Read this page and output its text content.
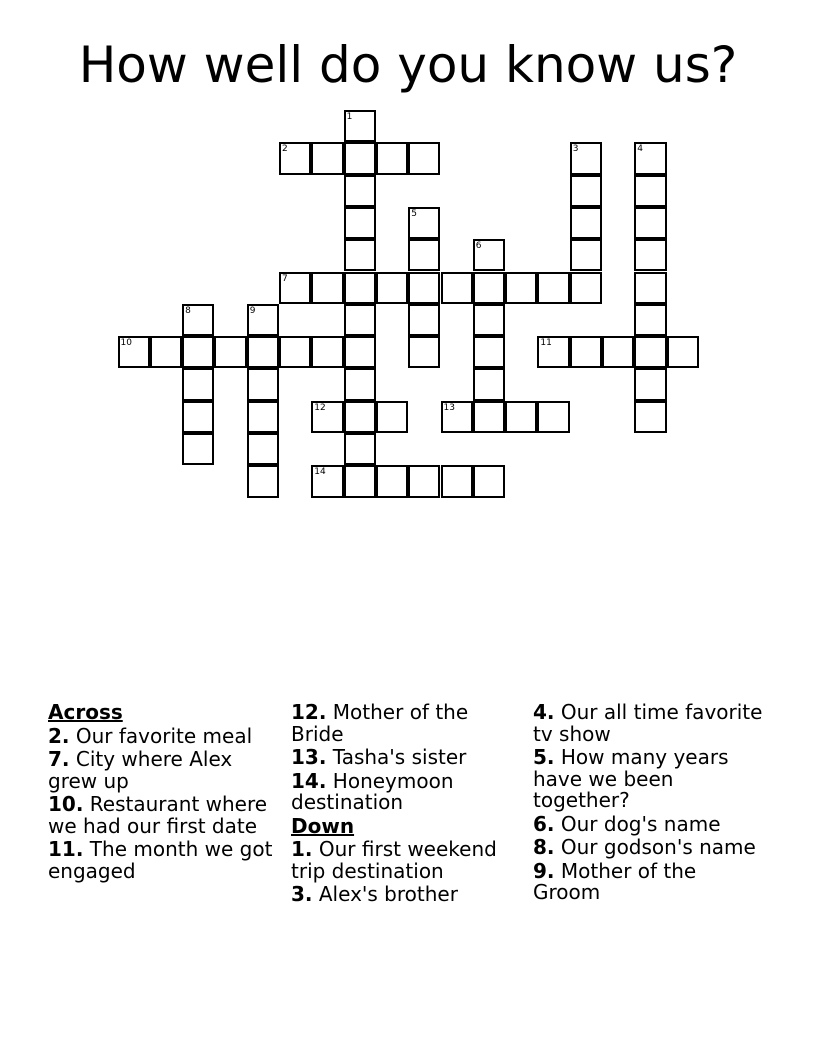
How well do you know us?
1
2	3	4
5
6
7
8	9
10	11
12	13
14
Across
2. Our favorite meal
7. City where Alex grew up
10. Restaurant where we had our first date
11. The month we got engaged
12. Mother of the Bride
13. Tasha's sister
14. Honeymoon destination
Down
1. Our first weekend trip destination
3. Alex's brother
4. Our all time favorite tv show
5. How many years have we been together?
6. Our dog's name
8. Our godson's name
9. Mother of the Groom
